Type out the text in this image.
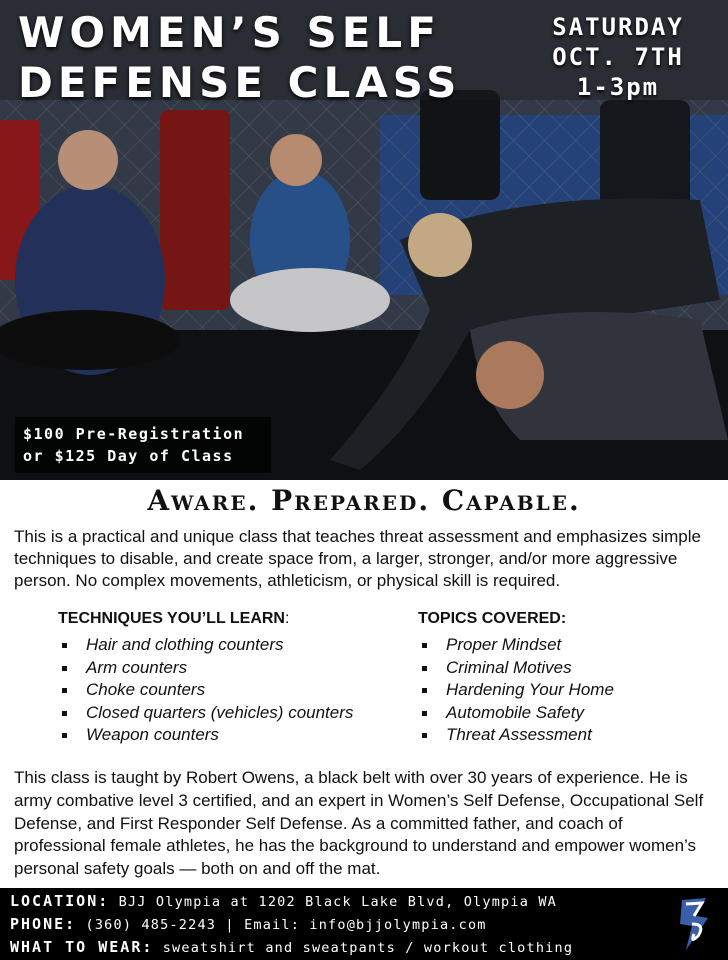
WOMEN’S SELF
DEFENSE CLASS
SATURDAY
OCT. 7TH
1-3pm
$100 Pre-Registration
or $125 Day of Class
Aware. Prepared. Capable.
This is a practical and unique class that teaches threat assessment and emphasizes simple techniques to disable, and create space from, a larger, stronger, and/or more aggressive person. No complex movements, athleticism, or physical skill is required.
TECHNIQUES YOU’LL LEARN:
Hair and clothing counters
Arm counters
Choke counters
Closed quarters (vehicles) counters
Weapon counters
TOPICS COVERED:
Proper Mindset
Criminal Motives
Hardening Your Home
Automobile Safety
Threat Assessment
This class is taught by Robert Owens, a black belt with over 30 years of experience. He is army combative level 3 certified, and an expert in Women’s Self Defense, Occupational Self Defense, and First Responder Self Defense. As a committed father, and coach of professional female athletes, he has the background to understand and empower women’s personal safety goals — both on and off the mat.
LOCATION: BJJ Olympia at 1202 Black Lake Blvd, Olympia WA
PHONE: (360) 485-2243 | Email: info@bjjolympia.com
WHAT TO WEAR: sweatshirt and sweatpants / workout clothing
